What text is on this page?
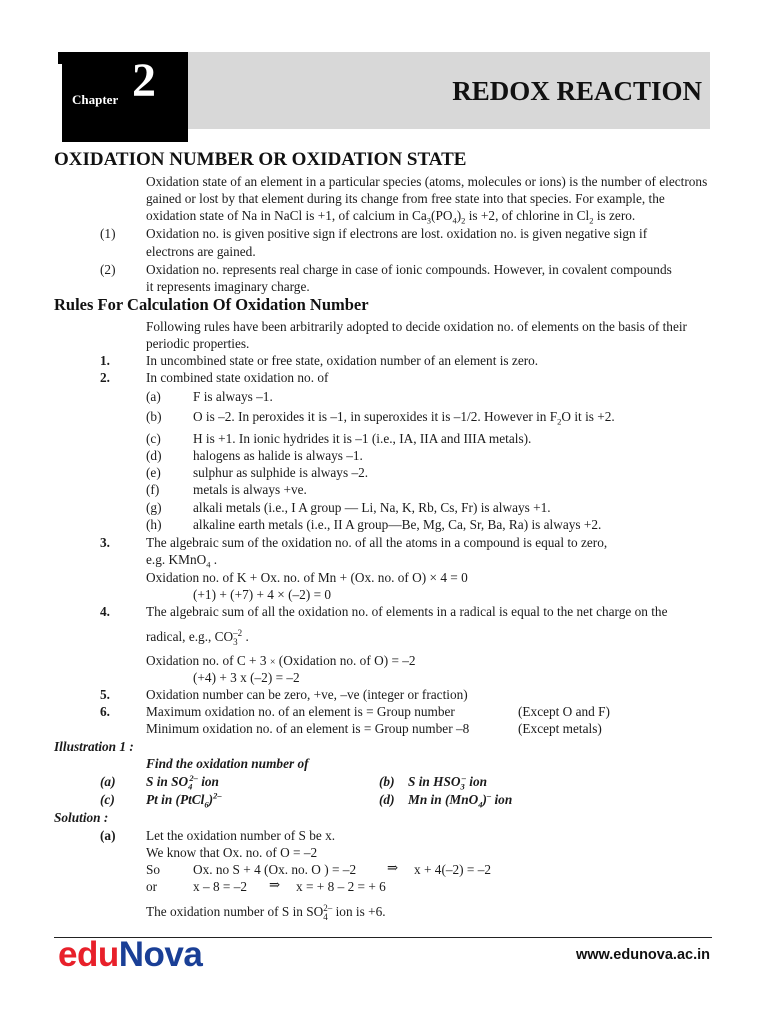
Chapter 2	REDOX REACTION
OXIDATION NUMBER OR OXIDATION STATE
Oxidation state of an element in a particular species (atoms, molecules or ions) is the number of electrons
gained or lost by that element during its change from free state into that species. For example, the
oxidation state of Na in NaCl is +1, of calcium in $Ca_3(PO_4)_2$ is +2, of chlorine in $Cl_2$ is zero.
(1) Oxidation no. is given positive sign if electrons are lost. oxidation no. is given negative sign if
electrons are gained.
(2) Oxidation no. represents real charge in case of ionic compounds. However, in covalent compounds
it represents imaginary charge.
Rules For Calculation Of Oxidation Number
Following rules have been arbitrarily adopted to decide oxidation no. of elements on the basis of their
periodic properties.
1.	In uncombined state or free state, oxidation number of an element is zero.
2.	In combined state oxidation no. of
(a) F is always –1.
(b) O is –2. In peroxides it is –1, in superoxides it is –1/2. However in $F_2O$ it is +2.
(c) H is +1. In ionic hydrides it is –1 (i.e., IA, IIA and IIIA metals).
(d) halogens as halide is always –1.
(e) sulphur as sulphide is always –2.
(f)	metals is always +ve.
(g) alkali metals (i.e., I A group — Li, Na, K, Rb, Cs, Fr) is always +1.
(h) alkaline earth metals (i.e., II A group—Be, Mg, Ca, Sr, Ba, Ra) is always +2.
3.	The algebraic sum of the oxidation no. of all the atoms in a compound is equal to zero,
e.g. KMnO$_4$ .
Oxidation no. of K + Ox. no. of Mn + (Ox. no. of O) × 4 = 0
(+1) + (+7) + 4 × (–2) = 0
4.	The algebraic sum of all the oxidation no. of elements in a radical is equal to the net charge on the
radical, e.g., CO–2
3 .
Oxidation no. of C + 3 × (Oxidation no. of O) = –2
(+4) + 3 x (–2) = –2
5.	Oxidation number can be zero, +ve, –ve (integer or fraction)
6.	Maximum oxidation no. of an element is = Group number	(Except O and F)
Minimum oxidation no. of an element is = Group number –8	(Except metals)
Illustration 1 :
Find the oxidation number of
(a) S in $SO_4^{2-}$ ion	(b) S in $HSO_3^-$ ion
(c) Pt in (PtCl$_6$)$^{2-}$	(d) Mn in (MnO$_4$)– ion
Solution :
(a) Let the oxidation number of S be x.
We know that Ox. no. of O = –2
So Ox. no S + 4 (Ox. no. O ) = –2 ⇒ x + 4(–2) = –2
or	x – 8 = –2 ⇒ x = + 8 – 2 = + 6
The oxidation number of S in SO2–
4 ion is +6.
eduNova	www.edunova.ac.in
